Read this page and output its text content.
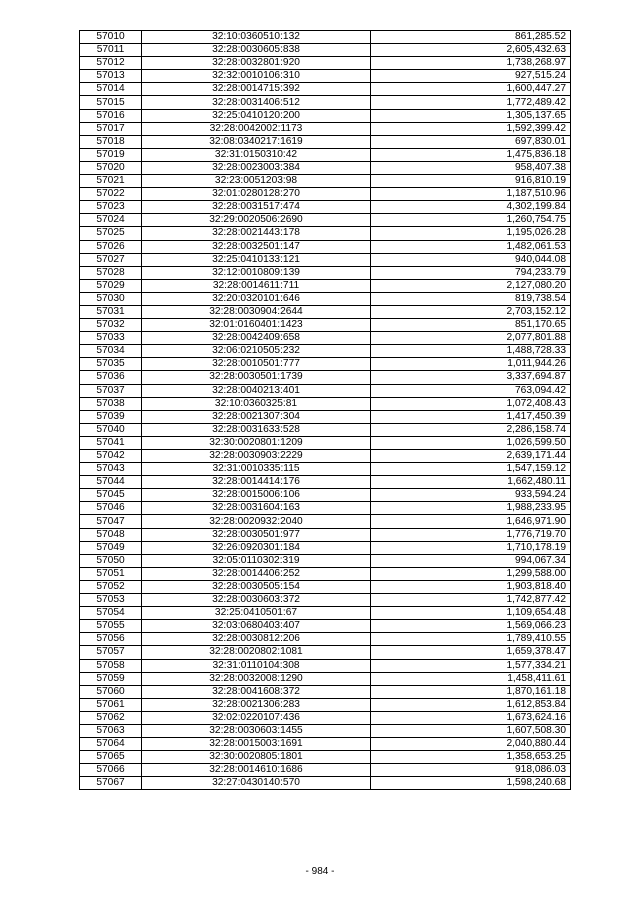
57010	32:10:0360510:132	861,285.52
57011	32:28:0030605:838	2,605,432.63
57012	32:28:0032801:920	1,738,268.97
57013	32:32:0010106:310	927,515.24
57014	32:28:0014715:392	1,600,447.27
57015	32:28:0031406:512	1,772,489.42
57016	32:25:0410120:200	1,305,137.65
57017	32:28:0042002:1173	1,592,399.42
57018	32:08:0340217:1619	697,830.01
57019	32:31:0150310:42	1,475,836.18
57020	32:28:0023003:384	958,407.38
57021	32:23:0051203:98	916,810.19
57022	32:01:0280128:270	1,187,510.96
57023	32:28:0031517:474	4,302,199.84
57024	32:29:0020506:2690	1,260,754.75
57025	32:28:0021443:178	1,195,026.28
57026	32:28:0032501:147	1,482,061.53
57027	32:25:0410133:121	940,044.08
57028	32:12:0010809:139	794,233.79
57029	32:28:0014611:711	2,127,080.20
57030	32:20:0320101:646	819,738.54
57031	32:28:0030904:2644	2,703,152.12
57032	32:01:0160401:1423	851,170.65
57033	32:28:0042409:658	2,077,801.88
57034	32:06:0210505:232	1,488,728.33
57035	32:28:0010501:777	1,011,944.26
57036	32:28:0030501:1739	3,337,694.87
57037	32:28:0040213:401	763,094.42
57038	32:10:0360325:81	1,072,408.43
57039	32:28:0021307:304	1,417,450.39
57040	32:28:0031633:528	2,286,158.74
57041	32:30:0020801:1209	1,026,599.50
57042	32:28:0030903:2229	2,639,171.44
57043	32:31:0010335:115	1,547,159.12
57044	32:28:0014414:176	1,662,480.11
57045	32:28:0015006:106	933,594.24
57046	32:28:0031604:163	1,988,233.95
57047	32:28:0020932:2040	1,646,971.90
57048	32:28:0030501:977	1,776,719.70
57049	32:26:0920301:184	1,710,178.19
57050	32:05:0110302:319	994,067.34
57051	32:28:0014406:252	1,299,588.00
57052	32:28:0030505:154	1,903,818.40
57053	32:28:0030603:372	1,742,877.42
57054	32:25:0410501:67	1,109,654.48
57055	32:03:0680403:407	1,569,066.23
57056	32:28:0030812:206	1,789,410.55
57057	32:28:0020802:1081	1,659,378.47
57058	32:31:0110104:308	1,577,334.21
57059	32:28:0032008:1290	1,458,411.61
57060	32:28:0041608:372	1,870,161.18
57061	32:28:0021306:283	1,612,853.84
57062	32:02:0220107:436	1,673,624.16
57063	32:28:0030603:1455	1,607,508.30
57064	32:28:0015003:1691	2,040,880.44
57065	32:30:0020805:1801	1,358,653.25
57066	32:28:0014610:1686	918,086.03
57067	32:27:0430140:570	1,598,240.68
- 984 -
